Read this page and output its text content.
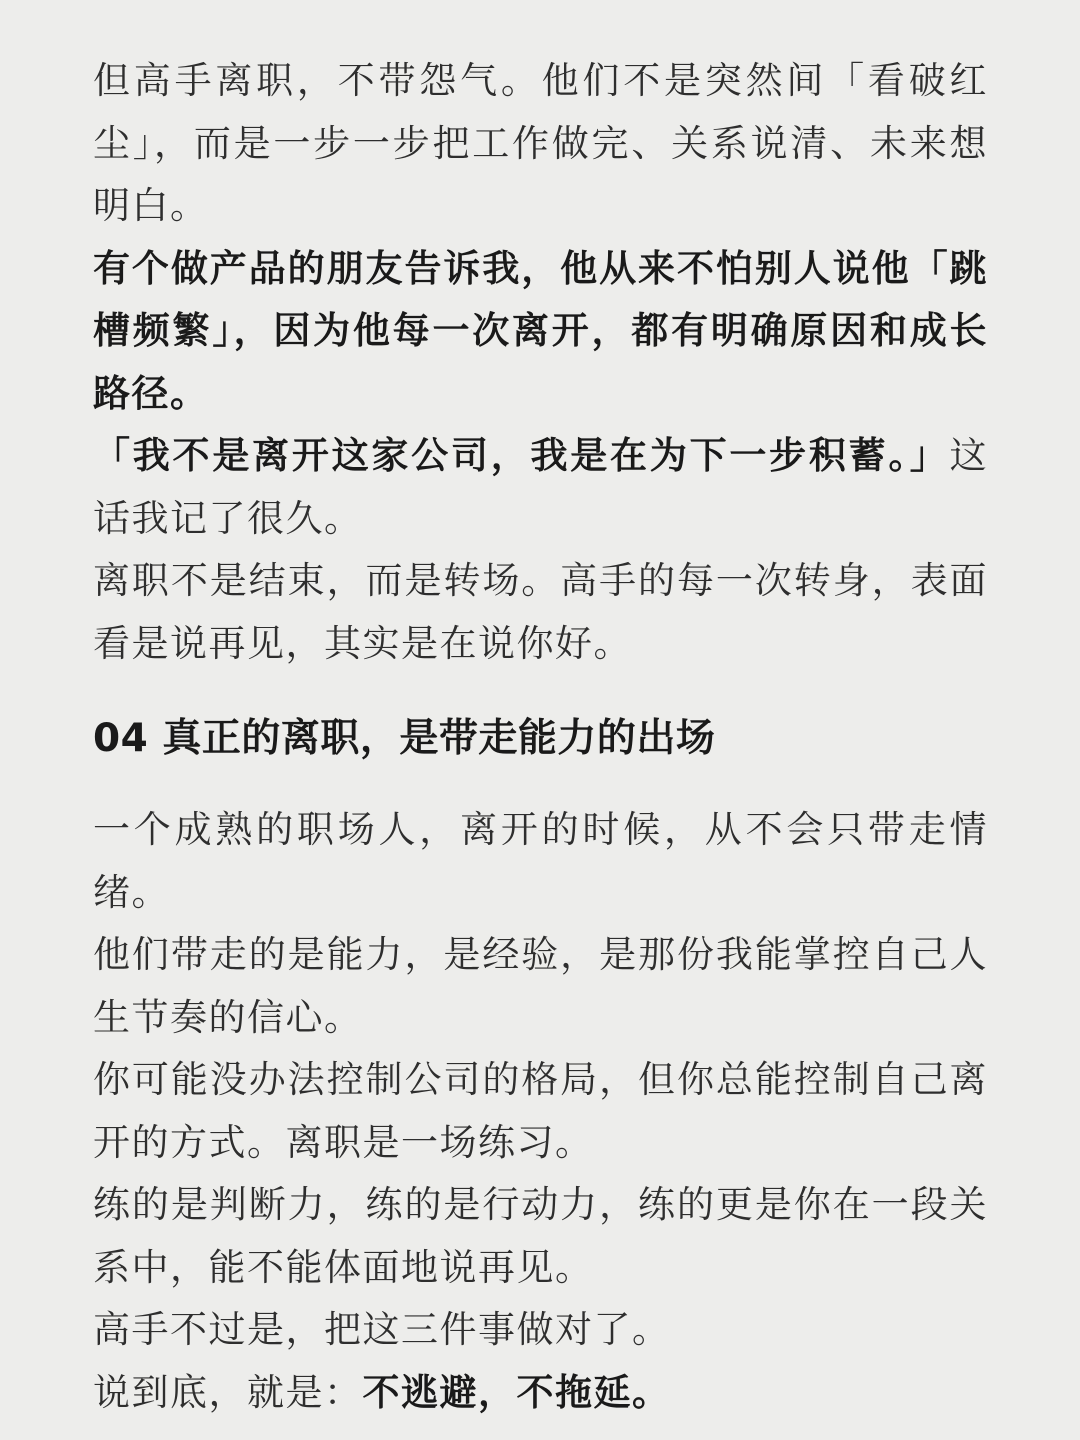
但高手离职，不带怨气。他们不是突然间「看破红尘」，而是一步一步把工作做完、关系说清、未来想明白。

有个做产品的朋友告诉我，他从来不怕别人说他「跳槽频繁」，因为他每一次离开，都有明确原因和成长路径。

「我不是离开这家公司，我是在为下一步积蓄。」这话我记了很久。

离职不是结束，而是转场。高手的每一次转身，表面看是说再见，其实是在说你好。

04 真正的离职，是带走能力的出场

一个成熟的职场人，离开的时候，从不会只带走情绪。

他们带走的是能力，是经验，是那份我能掌控自己人生节奏的信心。

你可能没办法控制公司的格局，但你总能控制自己离开的方式。离职是一场练习。

练的是判断力，练的是行动力，练的更是你在一段关系中，能不能体面地说再见。

高手不过是，把这三件事做对了。

说到底，就是：不逃避，不拖延。
